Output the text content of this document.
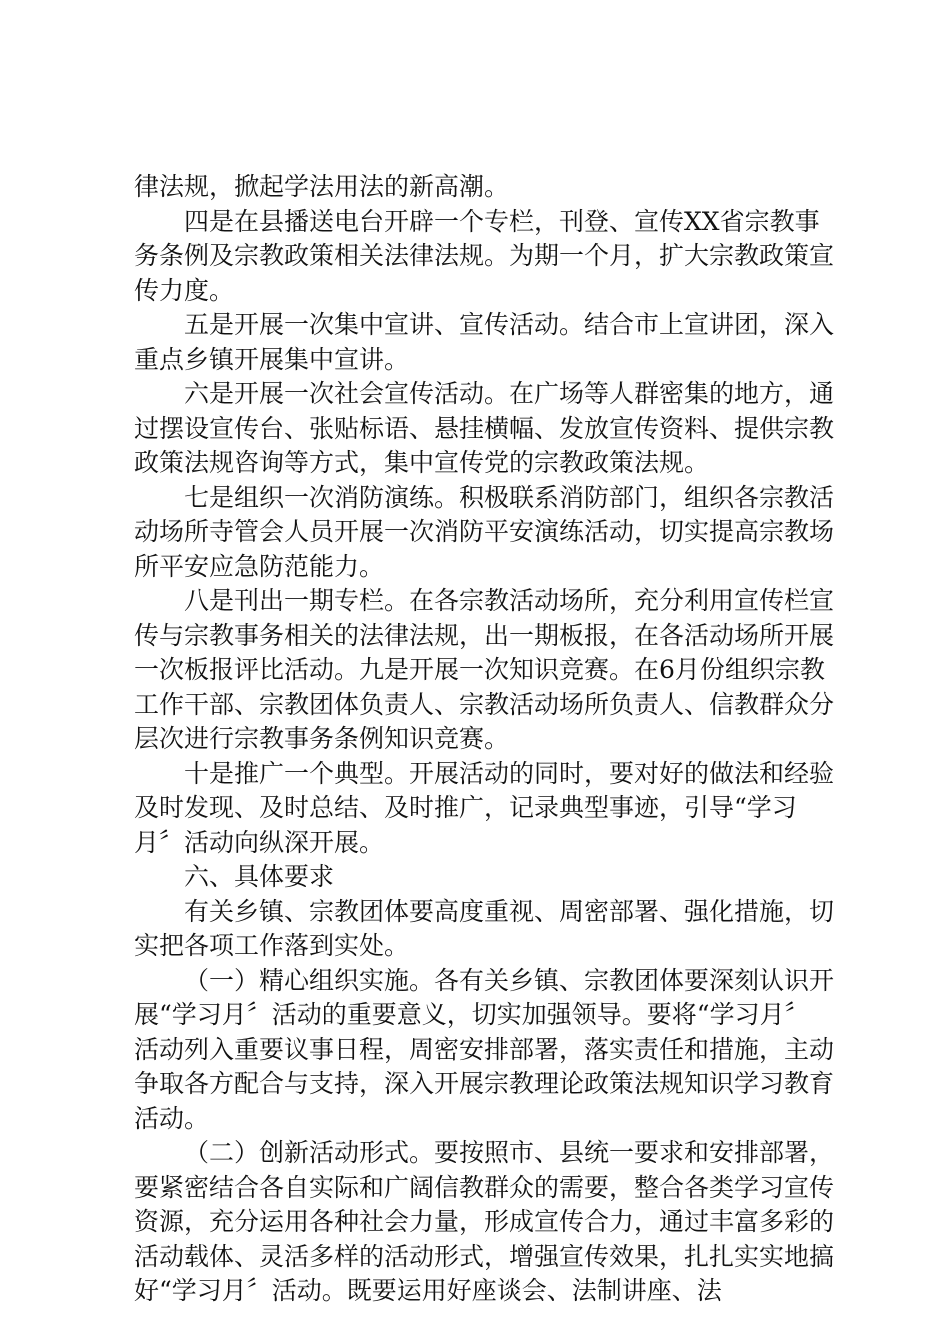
律法规，掀起学法用法的新高潮。

四是在县播送电台开辟一个专栏，刊登、宣传XX省宗教事务条例及宗教政策相关法律法规。为期一个月，扩大宗教政策宣传力度。

五是开展一次集中宣讲、宣传活动。结合市上宣讲团，深入重点乡镇开展集中宣讲。

六是开展一次社会宣传活动。在广场等人群密集的地方，通过摆设宣传台、张贴标语、悬挂横幅、发放宣传资料、提供宗教政策法规咨询等方式，集中宣传党的宗教政策法规。

七是组织一次消防演练。积极联系消防部门，组织各宗教活动场所寺管会人员开展一次消防平安演练活动，切实提高宗教场所平安应急防范能力。

八是刊出一期专栏。在各宗教活动场所，充分利用宣传栏宣传与宗教事务相关的法律法规，出一期板报，在各活动场所开展一次板报评比活动。九是开展一次知识竞赛。在6月份组织宗教工作干部、宗教团体负责人、宗教活动场所负责人、信教群众分层次进行宗教事务条例知识竞赛。

十是推广一个典型。开展活动的同时，要对好的做法和经验及时发现、及时总结、及时推广，记录典型事迹，引导“学习月〞活动向纵深开展。

六、具体要求

有关乡镇、宗教团体要高度重视、周密部署、强化措施，切实把各项工作落到实处。

（一）精心组织实施。各有关乡镇、宗教团体要深刻认识开展“学习月〞活动的重要意义，切实加强领导。要将“学习月〞活动列入重要议事日程，周密安排部署，落实责任和措施，主动争取各方配合与支持，深入开展宗教理论政策法规知识学习教育活动。

（二）创新活动形式。要按照市、县统一要求和安排部署，要紧密结合各自实际和广阔信教群众的需要，整合各类学习宣传资源，充分运用各种社会力量，形成宣传合力，通过丰富多彩的活动载体、灵活多样的活动形式，增强宣传效果，扎扎实实地搞好“学习月〞活动。既要运用好座谈会、法制讲座、法
